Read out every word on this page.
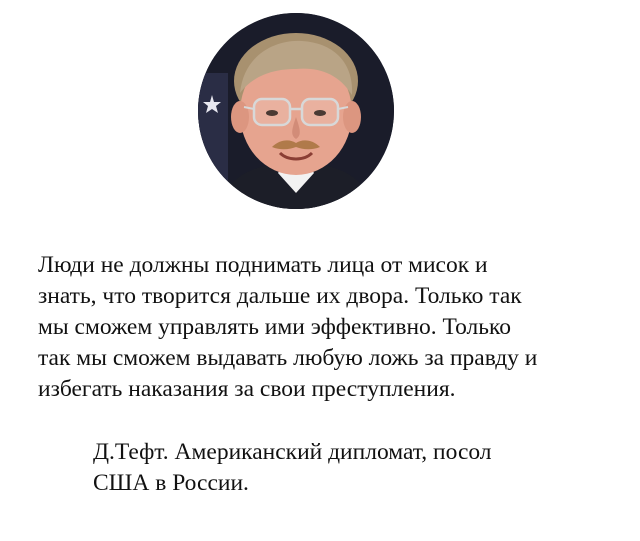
Люди не должны поднимать лица от мисок и
знать, что творится дальше их двора. Только так
мы сможем управлять ими эффективно. Только
так мы сможем выдавать любую ложь за правду и
избегать наказания за свои преступления.

Д.Тефт. Американский дипломат, посол
США в России.
